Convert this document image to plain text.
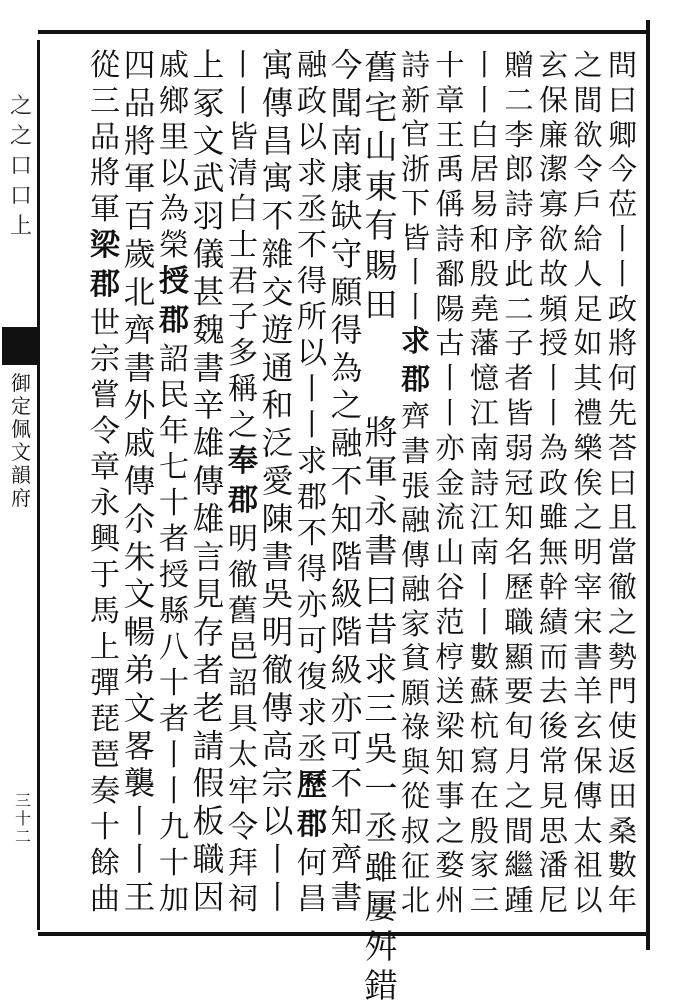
之
之
口
口
上
御
定
佩
文
韻
府
三
十
二
問
曰
卿
今
莅
丨
丨
政
將
何
先
荅
曰
且
當
徹
之
勢
門
使
返
田
桑
數
年
之
間
欲
令
戶
給
人
足
如
其
禮
樂
俟
之
明
宰
宋
書
羊
玄
保
傳
太
祖
以
玄
保
廉
潔
寡
欲
故
頻
授
丨
丨
為
政
雖
無
幹
績
而
去
後
常
見
思
潘
尼
贈
二
李
郎
詩
序
此
二
子
者
皆
弱
冠
知
名
歷
職
顯
要
旬
月
之
間
繼
踵
丨
丨
白
居
易
和
殷
堯
藩
憶
江
南
詩
江
南
丨
丨
數
蘇
杭
寫
在
殷
家
三
十
章
王
禹
偁
詩
鄱
陽
古
丨
丨
亦
金
流
山
谷
范
梈
送
梁
知
事
之
婺
州
詩
新
官
浙
下
皆
丨
丨
求
郡
齊
書
張
融
傳
融
家
貧
願
祿
與
從
叔
征
北
舊
宅
山
東
有
賜
田
將
軍
永
書
曰
昔
求
三
吳
一
丞
雖
屢
舛
錯
今
聞
南
康
缺
守
願
得
為
之
融
不
知
階
級
階
級
亦
可
不
知
齊
書
融
政
以
求
丞
不
得
所
以
丨
丨
求
郡
不
得
亦
可
復
求
丞
歷
郡
何
昌
寓
傳
昌
寓
不
雜
交
遊
通
和
泛
愛
陳
書
吳
明
徹
傳
高
宗
以
丨
丨
丨
丨
皆
清
白
士
君
子
多
稱
之
奉
郡
明
徹
舊
邑
詔
具
太
牢
令
拜
祠
上
冢
文
武
羽
儀
甚
魏
書
辛
雄
傳
雄
言
見
存
者
老
請
假
板
職
因
戚
鄉
里
以
為
榮
授
郡
詔
民
年
七
十
者
授
縣
八
十
者
丨
丨
九
十
加
四
品
將
軍
百
歲
北
齊
書
外
戚
傳
尒
朱
文
暢
弟
文
畧
襲
丨
丨
王
從
三
品
將
軍
梁
郡
世
宗
嘗
令
章
永
興
于
馬
上
彈
琵
琶
奏
十
餘
曲
